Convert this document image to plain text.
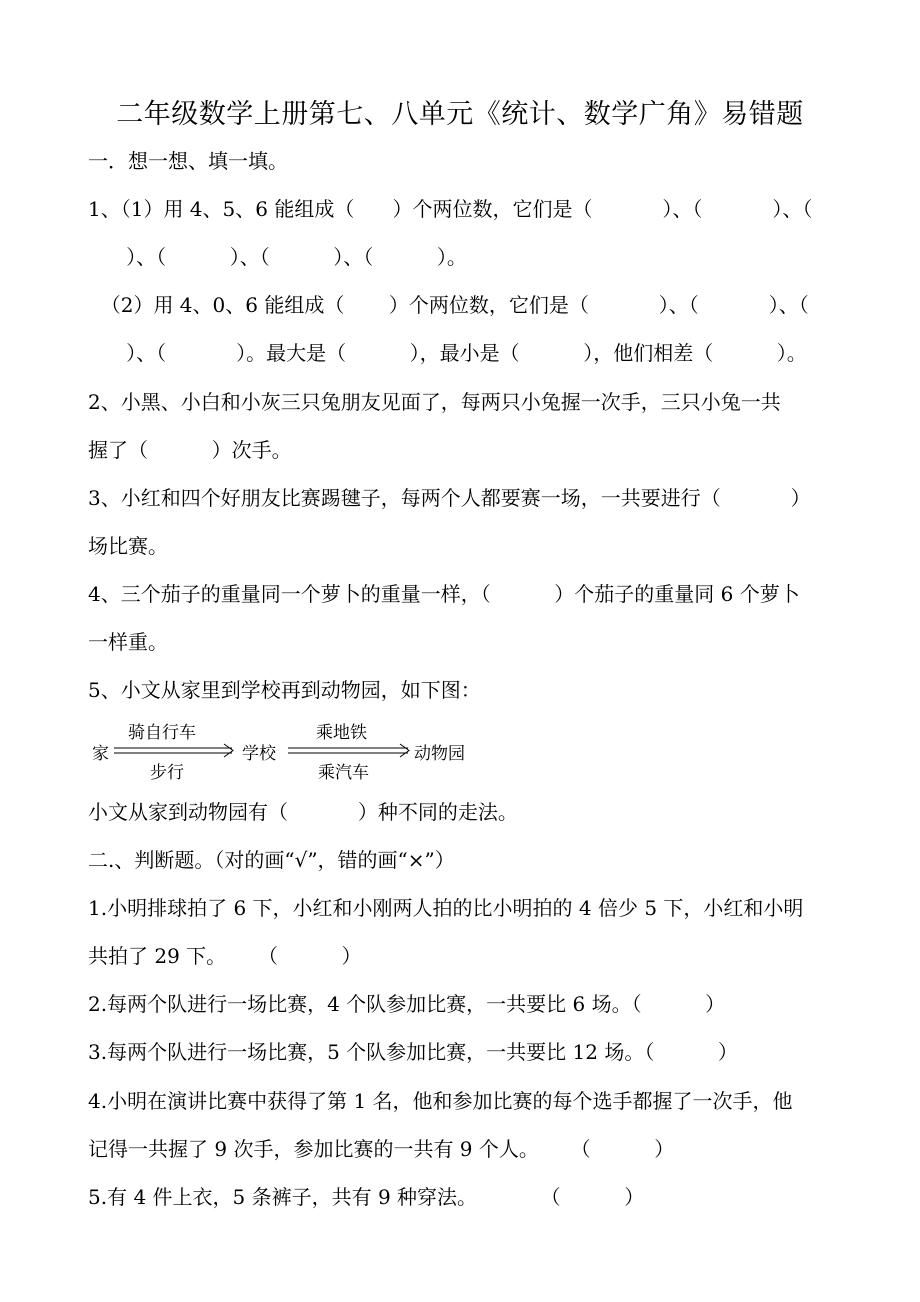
二年级数学上册第七、八单元《统计、数学广角》易错题
一．想一想、填一填。
1、（1）用 4、5、6 能组成（      ）个两位数，它们是（           ）、（           ）、（
）、（          ）、（          ）、（          ）。
（2）用 4、0、6 能组成（       ）个两位数，它们是（           ）、（           ）、（
）、（           ）。最大是（          ），最小是（          ），他们相差（          ）。
2、小黑、小白和小灰三只兔朋友见面了，每两只小兔握一次手，三只小兔一共
握了（          ）次手。
3、小红和四个好朋友比赛踢毽子，每两个人都要赛一场，一共要进行（           ）
场比赛。
4、三个茄子的重量同一个萝卜的重量一样，（          ）个茄子的重量同 6 个萝卜
一样重。
5、小文从家里到学校再到动物园，如下图：
家
骑自行车
步行
学校
乘地铁
乘汽车
动物园
小文从家到动物园有（           ）种不同的走法。
二.、判断题。（对的画“√”，错的画“×”）
1.小明排球拍了 6 下，小红和小刚两人拍的比小明拍的 4 倍少 5 下，小红和小明
共拍了 29 下。     （          ）
2.每两个队进行一场比赛，4 个队参加比赛，一共要比 6 场。（          ）
3.每两个队进行一场比赛，5 个队参加比赛，一共要比 12 场。（          ）
4.小明在演讲比赛中获得了第 1 名，他和参加比赛的每个选手都握了一次手，他
记得一共握了 9 次手，参加比赛的一共有 9 个人。     （          ）
5.有 4 件上衣，5 条裤子，共有 9 种穿法。          （          ）
